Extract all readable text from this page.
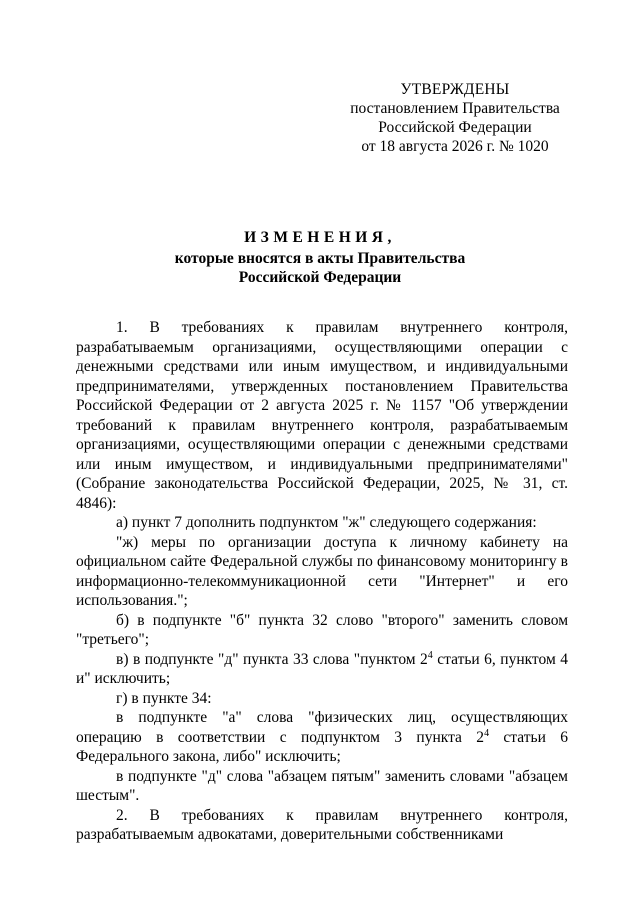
УТВЕРЖДЕНЫ
постановлением Правительства
Российской Федерации
от 18 августа 2026 г. № 1020
ИЗМЕНЕНИЯ,
которые вносятся в акты Правительства
Российской Федерации

1. В требованиях к правилам внутреннего контроля, разрабатываемым организациями, осуществляющими операции с денежными средствами или иным имуществом, и индивидуальными предпринимателями, утвержденных постановлением Правительства Российской Федерации от 2 августа 2025 г. № 1157 "Об утверждении требований к правилам внутреннего контроля, разрабатываемым организациями, осуществляющими операции с денежными средствами или иным имуществом, и индивидуальными предпринимателями" (Собрание законодательства Российской Федерации, 2025, № 31, ст. 4846):

а) пункт 7 дополнить подпунктом "ж" следующего содержания:

"ж) меры по организации доступа к личному кабинету на официальном сайте Федеральной службы по финансовому мониторингу в информационно-телекоммуникационной сети "Интернет" и его использования.";

б) в подпункте "б" пункта 32 слово "второго" заменить словом "третьего";

в) в подпункте "д" пункта 33 слова "пунктом $2^4$ статьи 6, пунктом 4 и" исключить;

г) в пункте 34:

в подпункте "а" слова "физических лиц, осуществляющих операцию в соответствии с подпунктом 3 пункта $2^4$ статьи 6 Федерального закона, либо" исключить;

в подпункте "д" слова "абзацем пятым" заменить словами "абзацем шестым".

2. В требованиях к правилам внутреннего контроля, разрабатываемым адвокатами, доверительными собственниками
